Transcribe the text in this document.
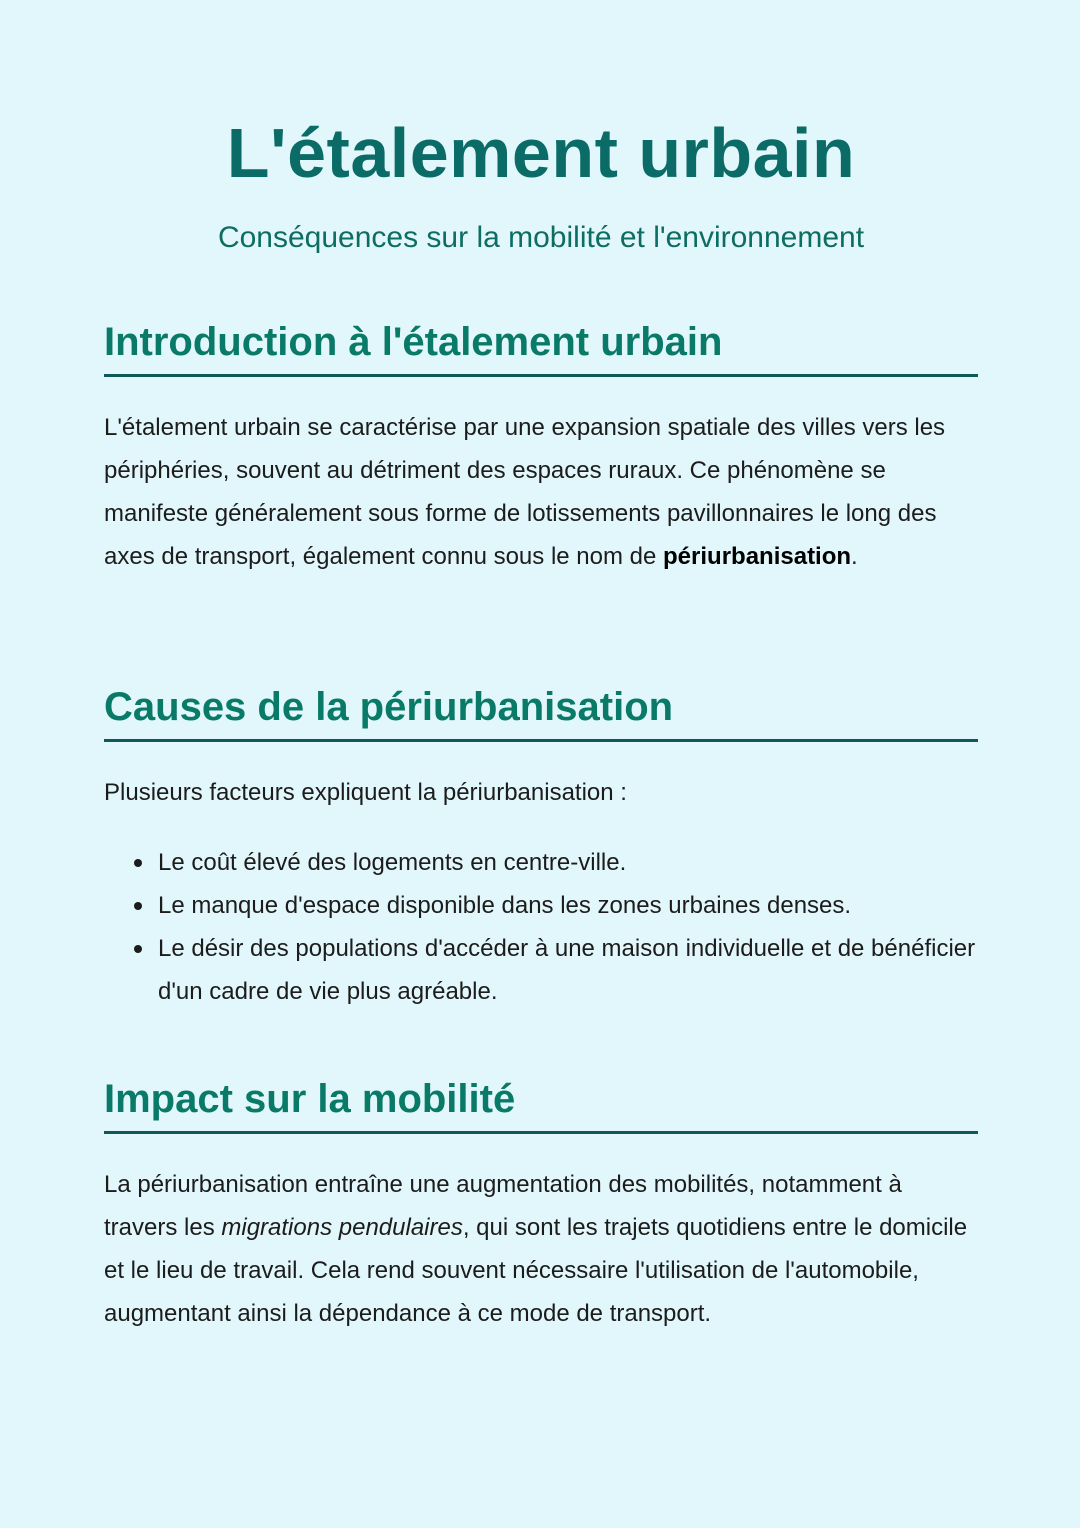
L'étalement urbain

Conséquences sur la mobilité et l'environnement

Introduction à l'étalement urbain

L'étalement urbain se caractérise par une expansion spatiale des villes vers les périphéries, souvent au détriment des espaces ruraux. Ce phénomène se manifeste généralement sous forme de lotissements pavillonnaires le long des axes de transport, également connu sous le nom de périurbanisation.

Causes de la périurbanisation

Plusieurs facteurs expliquent la périurbanisation :

Le coût élevé des logements en centre-ville.
Le manque d'espace disponible dans les zones urbaines denses.
Le désir des populations d'accéder à une maison individuelle et de bénéficier d'un cadre de vie plus agréable.
Impact sur la mobilité

La périurbanisation entraîne une augmentation des mobilités, notamment à travers les migrations pendulaires, qui sont les trajets quotidiens entre le domicile et le lieu de travail. Cela rend souvent nécessaire l'utilisation de l'automobile, augmentant ainsi la dépendance à ce mode de transport.
